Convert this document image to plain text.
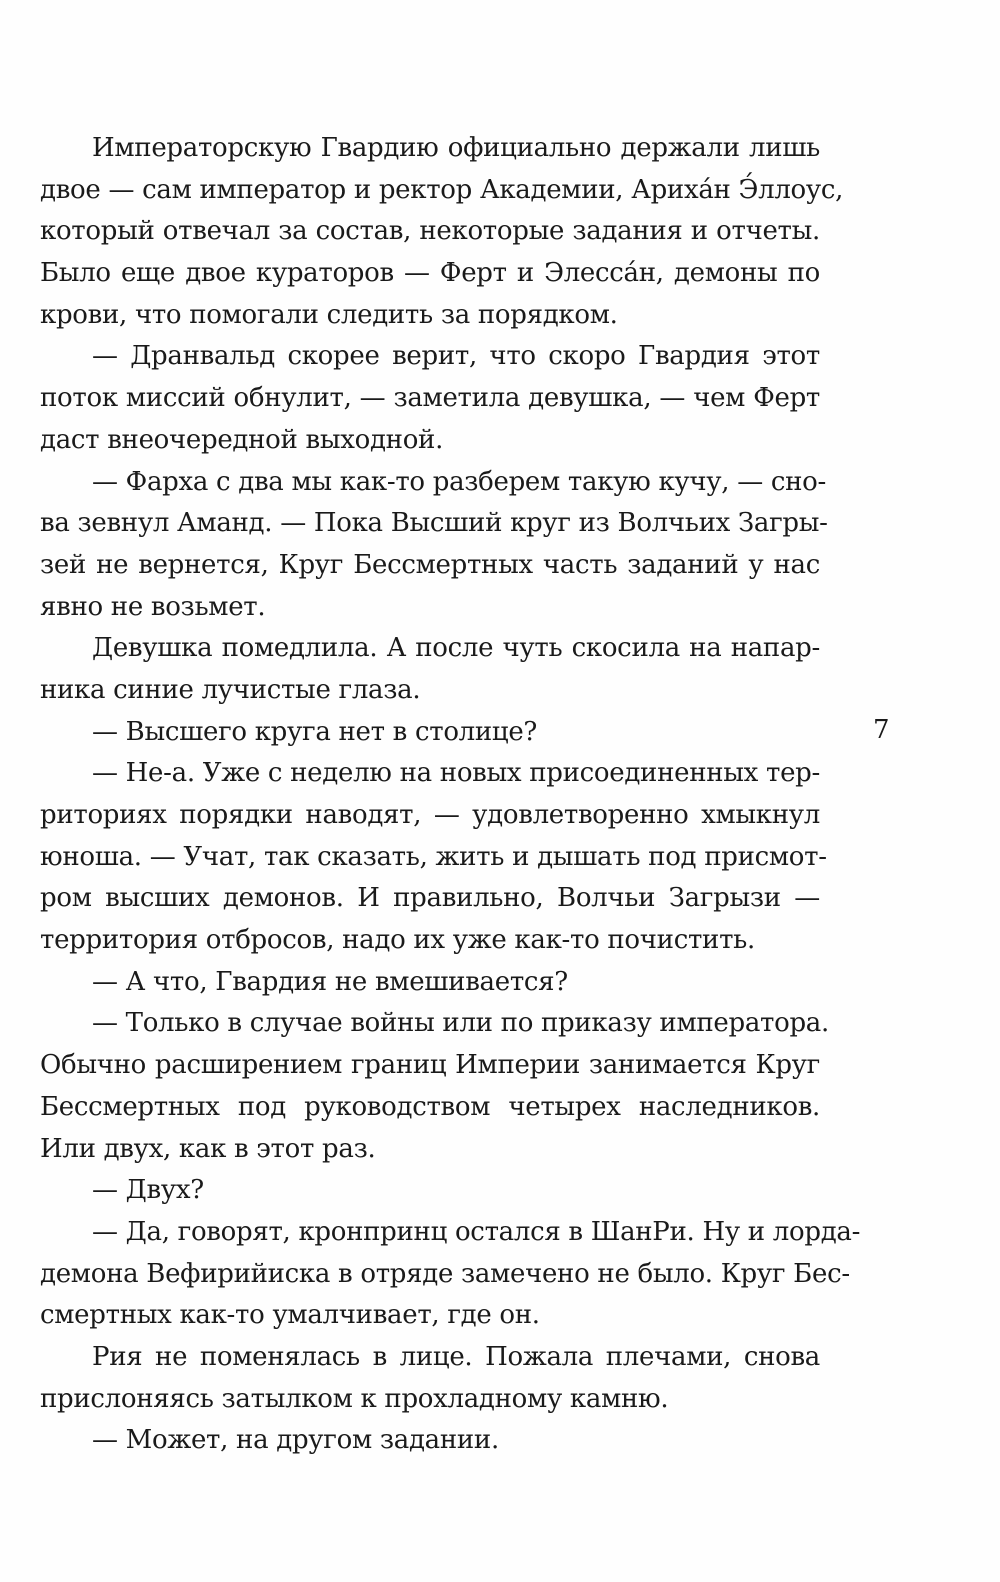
Императорскую Гвардию официально держали лишь
двое — сам император и ректор Академии, Арихáн Э́ллоус,
который отвечал за состав, некоторые задания и отчеты.
Было еще двое кураторов — Ферт и Элессáн, демоны по
крови, что помогали следить за порядком.
— Дранвальд скорее верит, что скоро Гвардия этот
поток миссий обнулит, — заметила девушка, — чем Ферт
даст внеочередной выходной.
— Фарха с два мы как-то разберем такую кучу, — сно-
ва зевнул Аманд. — Пока Высший круг из Волчьих Загры-
зей не вернется, Круг Бессмертных часть заданий у нас
явно не возьмет.
Девушка помедлила. А после чуть скосила на напар-
ника синие лучистые глаза.
— Высшего круга нет в столице?
— Не-а. Уже с неделю на новых присоединенных тер-
риториях порядки наводят, — удовлетворенно хмыкнул
юноша. — Учат, так сказать, жить и дышать под присмот-
ром высших демонов. И правильно, Волчьи Загрызи —
территория отбросов, надо их уже как-то почистить.
— А что, Гвардия не вмешивается?
— Только в случае войны или по приказу императора.
Обычно расширением границ Империи занимается Круг
Бессмертных под руководством четырех наследников.
Или двух, как в этот раз.
— Двух?
— Да, говорят, кронпринц остался в ШанРи. Ну и лорда-
демона Вефирийиска в отряде замечено не было. Круг Бес-
смертных как-то умалчивает, где он.
Рия не поменялась в лице. Пожала плечами, снова
прислоняясь затылком к прохладному камню.
— Может, на другом задании.
7
